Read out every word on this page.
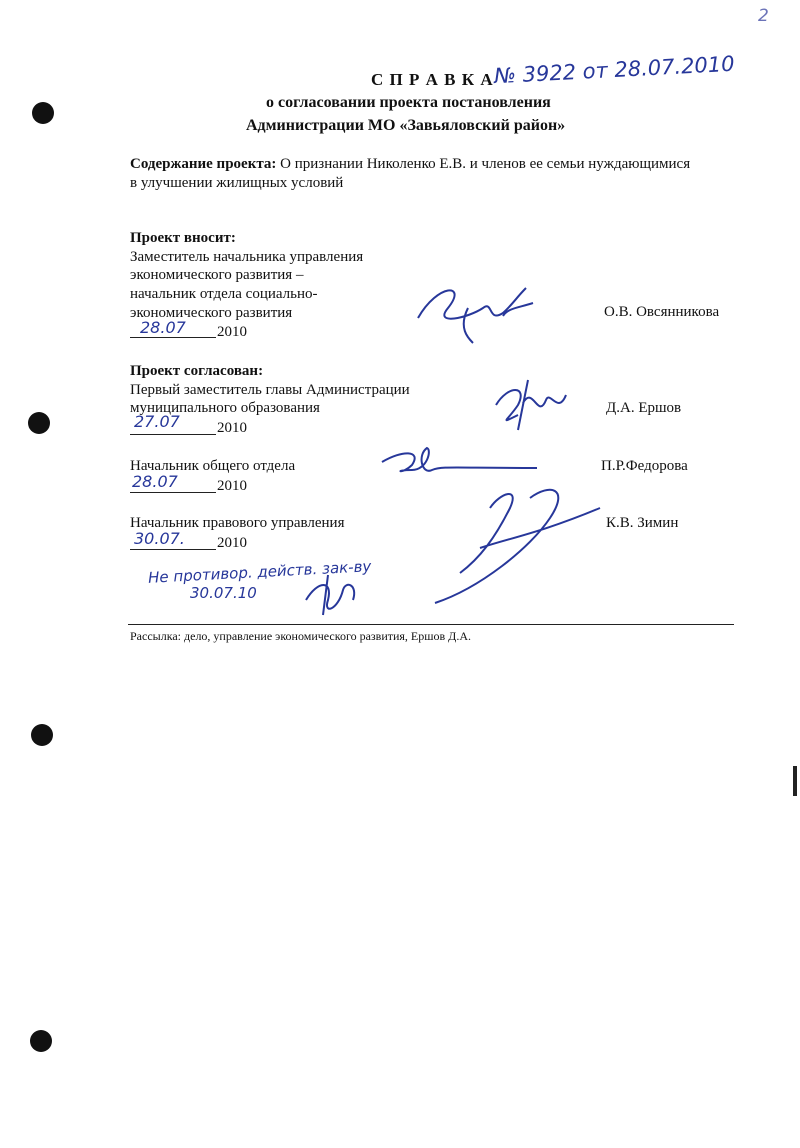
2
С П Р А В К А № 3922 от 28.07.2010
о согласовании проекта постановления
Администрации МО «Завьяловский район»
Содержание проекта: О признании Николенко Е.В. и членов ее семьи нуждающимися
в улучшении жилищных условий
Проект вносит:
Заместитель начальника управления
экономического развития –
начальник отдела социально-
экономического развития
28.07 2010
О.В. Овсянникова
Проект согласован:
Первый заместитель главы Администрации
муниципального образования
27.07 2010
Д.А. Ершов
Начальник общего отдела
28.07	2010
П.Р.Федорова
Начальник правового управления
30.07. 2010
К.В. Зимин
Не противор. действ. зак-ву
30.07.10
Рассылка: дело, управление экономического развития, Ершов Д.А.
